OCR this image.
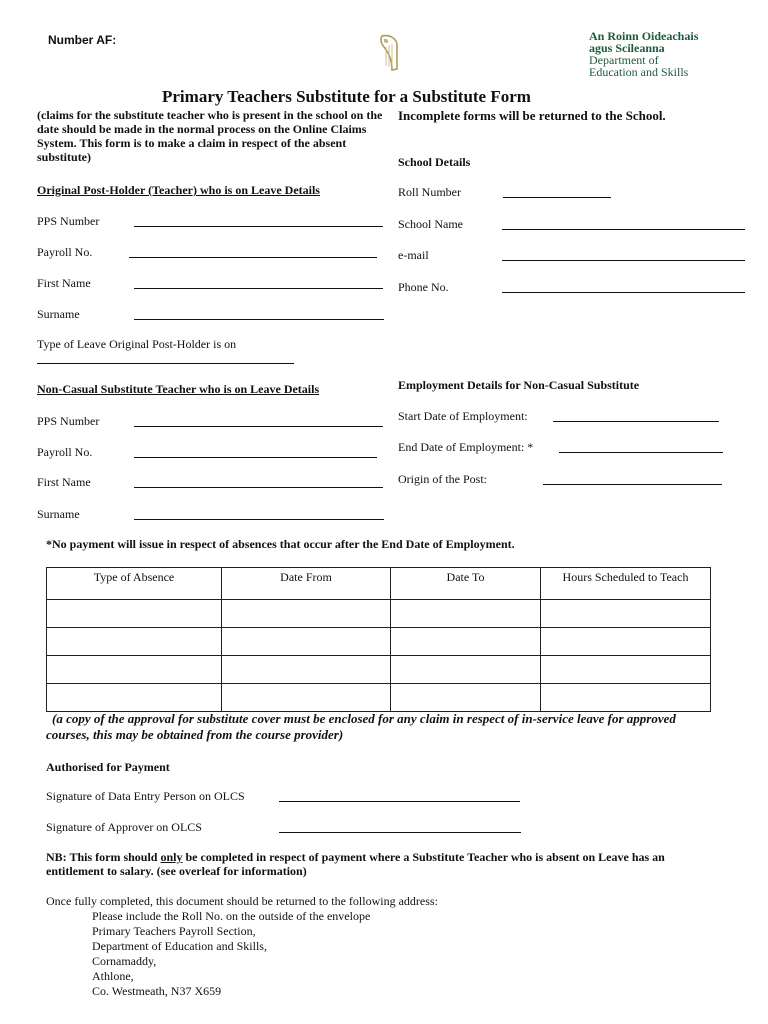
Number AF:	An Roinn Oideachais
agus Scileanna
Department of
Education and Skills
Primary Teachers Substitute for a Substitute Form
(claims for the substitute teacher who is present in the school on the date should be made in the normal process on the Online Claims System. This form is to make a claim in respect of the absent substitute)
Incomplete forms will be returned to the School.
Original Post-Holder (Teacher) who is on Leave Details
PPS Number
Payroll No.
First Name
Surname
Type of Leave Original Post-Holder is on
School Details
Roll Number
School Name
e-mail
Phone No.
Non-Casual Substitute Teacher who is on Leave Details
PPS Number
Payroll No.
First Name
Surname
Employment Details for Non-Casual Substitute
Start Date of Employment:
End Date of Employment: *
Origin of the Post:
*No payment will issue in respect of absences that occur after the End Date of Employment.
Type of Absence	Date From	Date To	Hours Scheduled to Teach

(a copy of the approval for substitute cover must be enclosed for any claim in respect of in-service leave for approved courses, this may be obtained from the course provider)
Authorised for Payment
Signature of Data Entry Person on OLCS
Signature of Approver on OLCS
NB: This form should only be completed in respect of payment where a Substitute Teacher who is absent on Leave has an entitlement to salary. (see overleaf for information)
Once fully completed, this document should be returned to the following address:
Please include the Roll No. on the outside of the envelope
Primary Teachers Payroll Section,
Department of Education and Skills,
Cornamaddy,
Athlone,
Co. Westmeath, N37 X659
